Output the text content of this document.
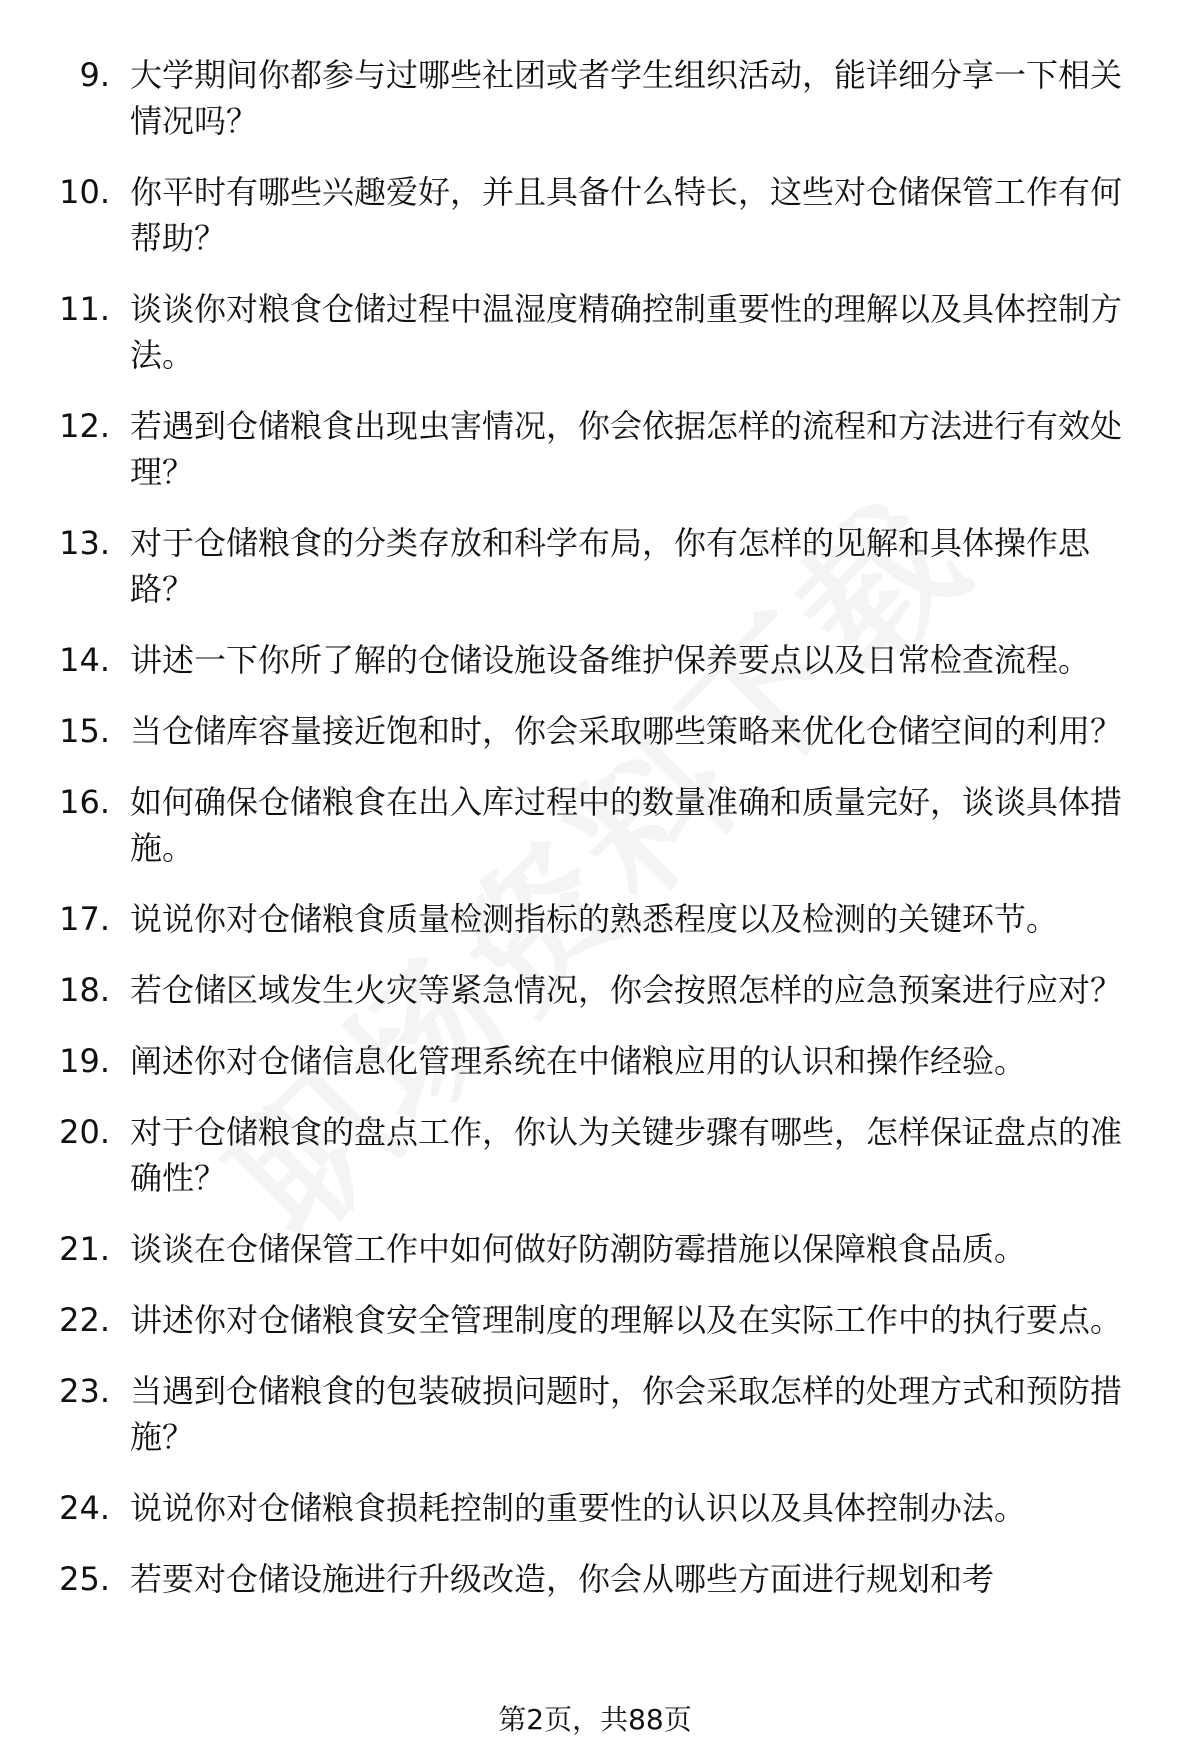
9. 大学期间你都参与过哪些社团或者学生组织活动，能详细分享一下相关情况吗？
10. 你平时有哪些兴趣爱好，并且具备什么特长，这些对仓储保管工作有何帮助？
11. 谈谈你对粮食仓储过程中温湿度精确控制重要性的理解以及具体控制方法。
12. 若遇到仓储粮食出现虫害情况，你会依据怎样的流程和方法进行有效处理？
13. 对于仓储粮食的分类存放和科学布局，你有怎样的见解和具体操作思路？
14. 讲述一下你所了解的仓储设施设备维护保养要点以及日常检查流程。
15. 当仓储库容量接近饱和时，你会采取哪些策略来优化仓储空间的利用？
16. 如何确保仓储粮食在出入库过程中的数量准确和质量完好，谈谈具体措施。
17. 说说你对仓储粮食质量检测指标的熟悉程度以及检测的关键环节。
18. 若仓储区域发生火灾等紧急情况，你会按照怎样的应急预案进行应对？
19. 阐述你对仓储信息化管理系统在中储粮应用的认识和操作经验。
20. 对于仓储粮食的盘点工作，你认为关键步骤有哪些，怎样保证盘点的准确性？
21. 谈谈在仓储保管工作中如何做好防潮防霉措施以保障粮食品质。
22. 讲述你对仓储粮食安全管理制度的理解以及在实际工作中的执行要点。
23. 当遇到仓储粮食的包装破损问题时，你会采取怎样的处理方式和预防措施？
24. 说说你对仓储粮食损耗控制的重要性的认识以及具体控制办法。
25. 若要对仓储设施进行升级改造，你会从哪些方面进行规划和考
第2页，共88页
